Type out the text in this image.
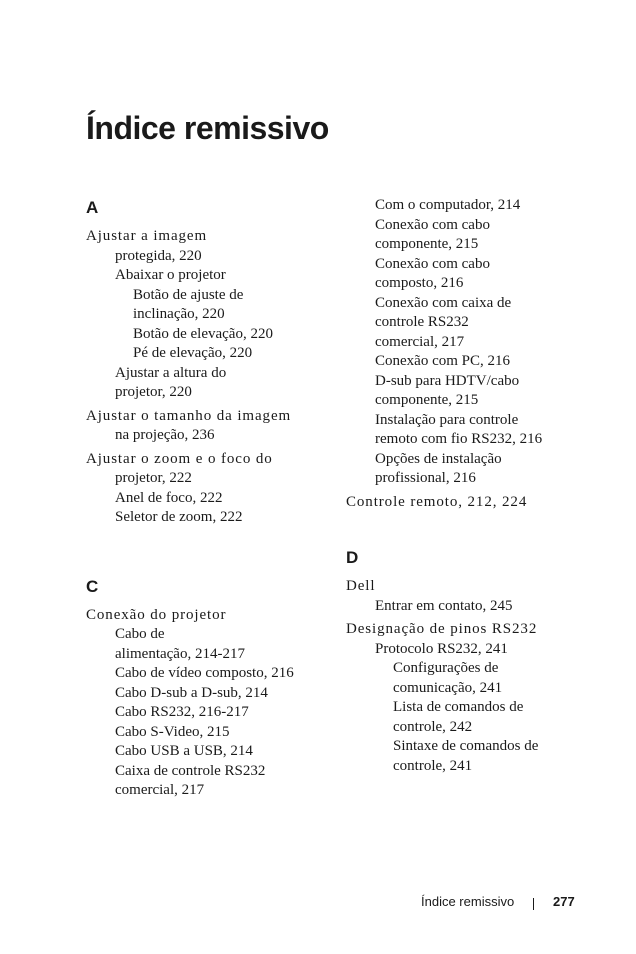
Índice remissivo
A
Ajustar a imagem
protegida, 220
Abaixar o projetor
Botão de ajuste de
inclinação, 220
Botão de elevação, 220
Pé de elevação, 220
Ajustar a altura do
projetor, 220
Ajustar o tamanho da imagem
na projeção, 236
Ajustar o zoom e o foco do
projetor, 222
Anel de foco, 222
Seletor de zoom, 222
C
Conexão do projetor
Cabo de
alimentação, 214-217
Cabo de vídeo composto, 216
Cabo D-sub a D-sub, 214
Cabo RS232, 216-217
Cabo S-Video, 215
Cabo USB a USB, 214
Caixa de controle RS232
comercial, 217
Com o computador, 214
Conexão com cabo
componente, 215
Conexão com cabo
composto, 216
Conexão com caixa de
controle RS232
comercial, 217
Conexão com PC, 216
D-sub para HDTV/cabo
componente, 215
Instalação para controle
remoto com fio RS232, 216
Opções de instalação
profissional, 216
Controle remoto, 212, 224
D
Dell
Entrar em contato, 245
Designação de pinos RS232
Protocolo RS232, 241
Configurações de
comunicação, 241
Lista de comandos de
controle, 242
Sintaxe de comandos de
controle, 241
Índice remissivo	277
